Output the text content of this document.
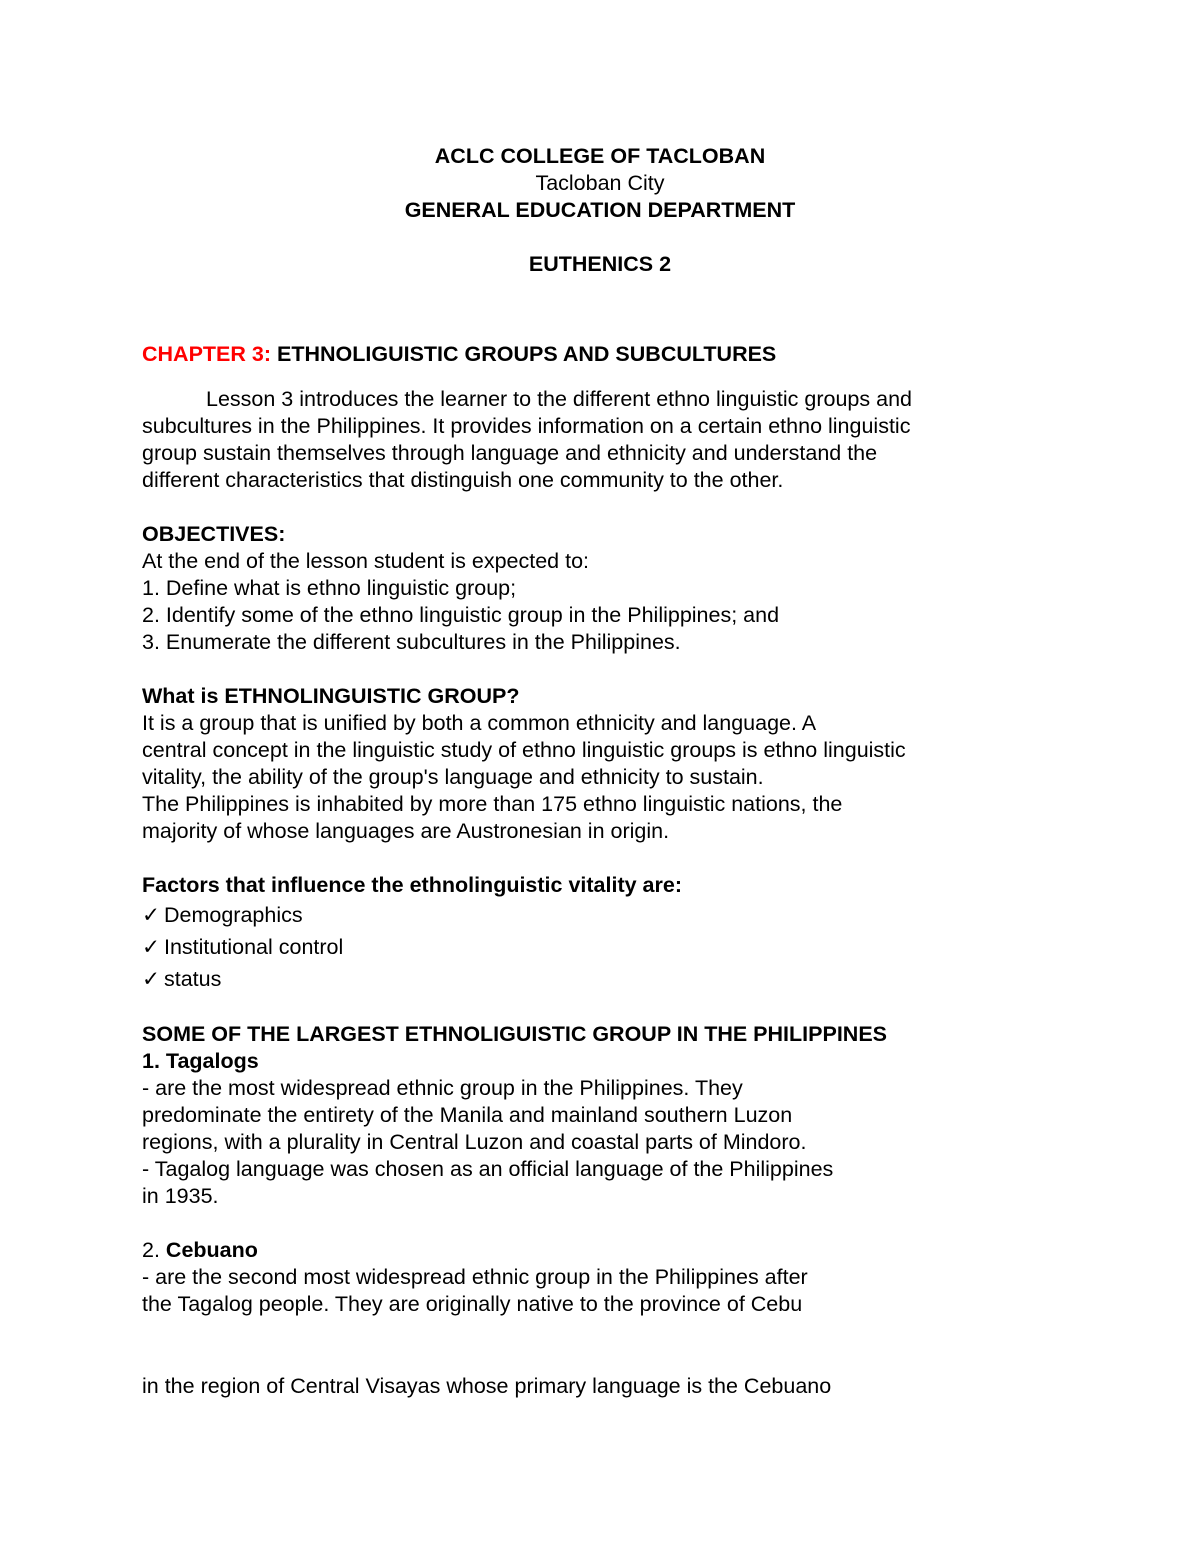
ACLC COLLEGE OF TACLOBAN
Tacloban City
GENERAL EDUCATION DEPARTMENT
EUTHENICS 2
CHAPTER 3: ETHNOLIGUISTIC GROUPS AND SUBCULTURES
Lesson 3 introduces the learner to the different ethno linguistic groups and
subcultures in the Philippines. It provides information on a certain ethno linguistic
group sustain themselves through language and ethnicity and understand the
different characteristics that distinguish one community to the other.
OBJECTIVES:
At the end of the lesson student is expected to:
1. Define what is ethno linguistic group;
2. Identify some of the ethno linguistic group in the Philippines; and
3. Enumerate the different subcultures in the Philippines.
What is ETHNOLINGUISTIC GROUP?
It is a group that is unified by both a common ethnicity and language. A
central concept in the linguistic study of ethno linguistic groups is ethno linguistic
vitality, the ability of the group's language and ethnicity to sustain.
The Philippines is inhabited by more than 175 ethno linguistic nations, the
majority of whose languages are Austronesian in origin.
Factors that influence the ethnolinguistic vitality are:
✓ Demographics
✓ Institutional control
✓ status
SOME OF THE LARGEST ETHNOLIGUISTIC GROUP IN THE PHILIPPINES
1. Tagalogs
- are the most widespread ethnic group in the Philippines. They
predominate the entirety of the Manila and mainland southern Luzon
regions, with a plurality in Central Luzon and coastal parts of Mindoro.
- Tagalog language was chosen as an official language of the Philippines
in 1935.
2. Cebuano
- are the second most widespread ethnic group in the Philippines after
the Tagalog people. They are originally native to the province of Cebu
in the region of Central Visayas whose primary language is the Cebuano
